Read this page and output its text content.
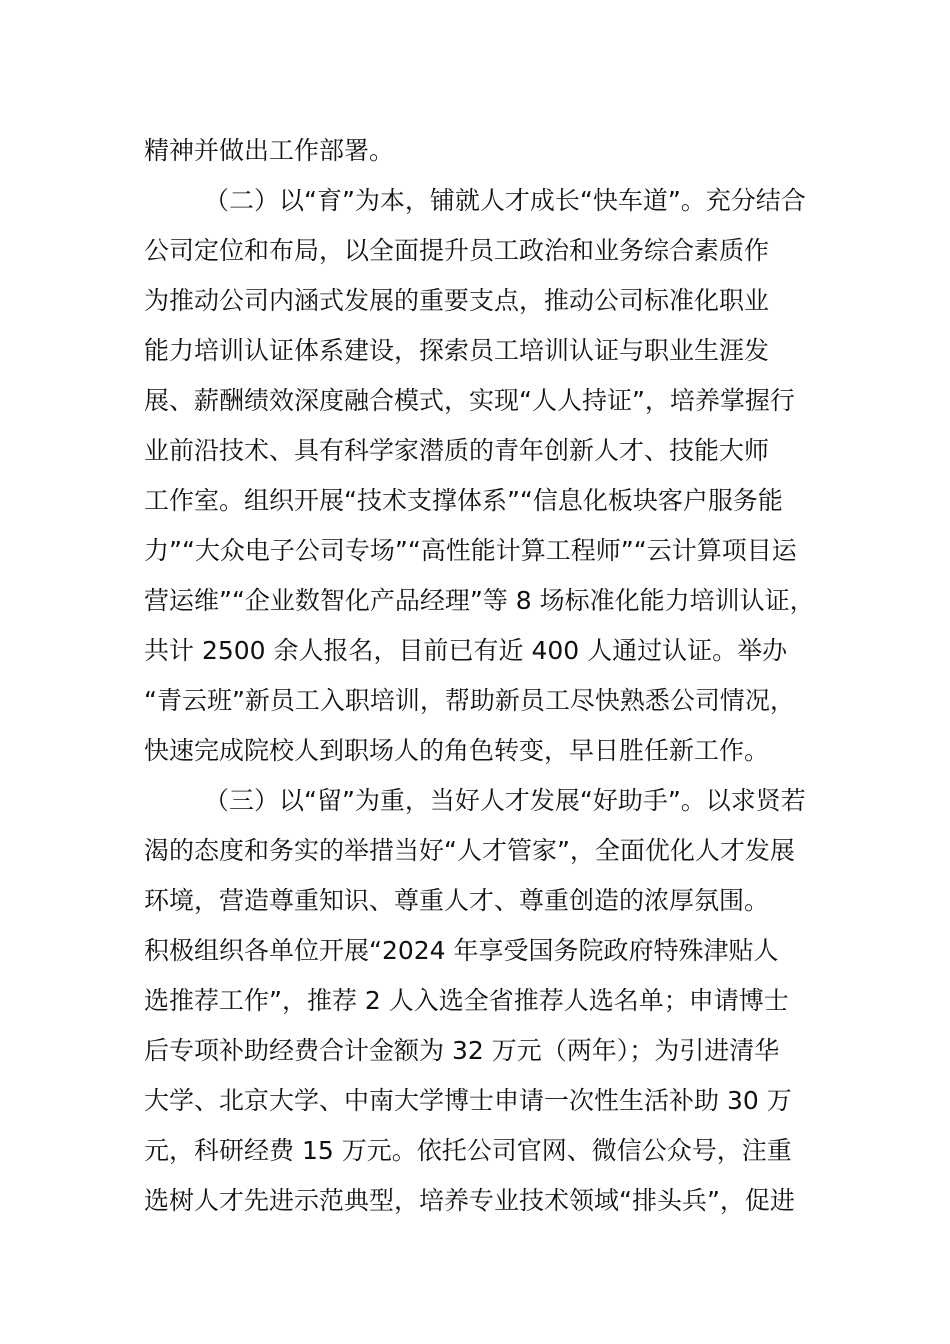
精神并做出工作部署。
（二）以“育”为本，铺就人才成长“快车道”。充分结合
公司定位和布局，以全面提升员工政治和业务综合素质作
为推动公司内涵式发展的重要支点，推动公司标准化职业
能力培训认证体系建设，探索员工培训认证与职业生涯发
展、薪酬绩效深度融合模式，实现“人人持证”，培养掌握行
业前沿技术、具有科学家潜质的青年创新人才、技能大师
工作室。组织开展“技术支撑体系”“信息化板块客户服务能
力”“大众电子公司专场”“高性能计算工程师”“云计算项目运
营运维”“企业数智化产品经理”等 8 场标准化能力培训认证，
共计 2500 余人报名，目前已有近 400 人通过认证。举办
“青云班”新员工入职培训，帮助新员工尽快熟悉公司情况，
快速完成院校人到职场人的角色转变，早日胜任新工作。
（三）以“留”为重，当好人才发展“好助手”。以求贤若
渴的态度和务实的举措当好“人才管家”，全面优化人才发展
环境，营造尊重知识、尊重人才、尊重创造的浓厚氛围。
积极组织各单位开展“2024 年享受国务院政府特殊津贴人
选推荐工作”，推荐 2 人入选全省推荐人选名单；申请博士
后专项补助经费合计金额为 32 万元（两年）；为引进清华
大学、北京大学、中南大学博士申请一次性生活补助 30 万
元，科研经费 15 万元。依托公司官网、微信公众号，注重
选树人才先进示范典型，培养专业技术领域“排头兵”，促进
